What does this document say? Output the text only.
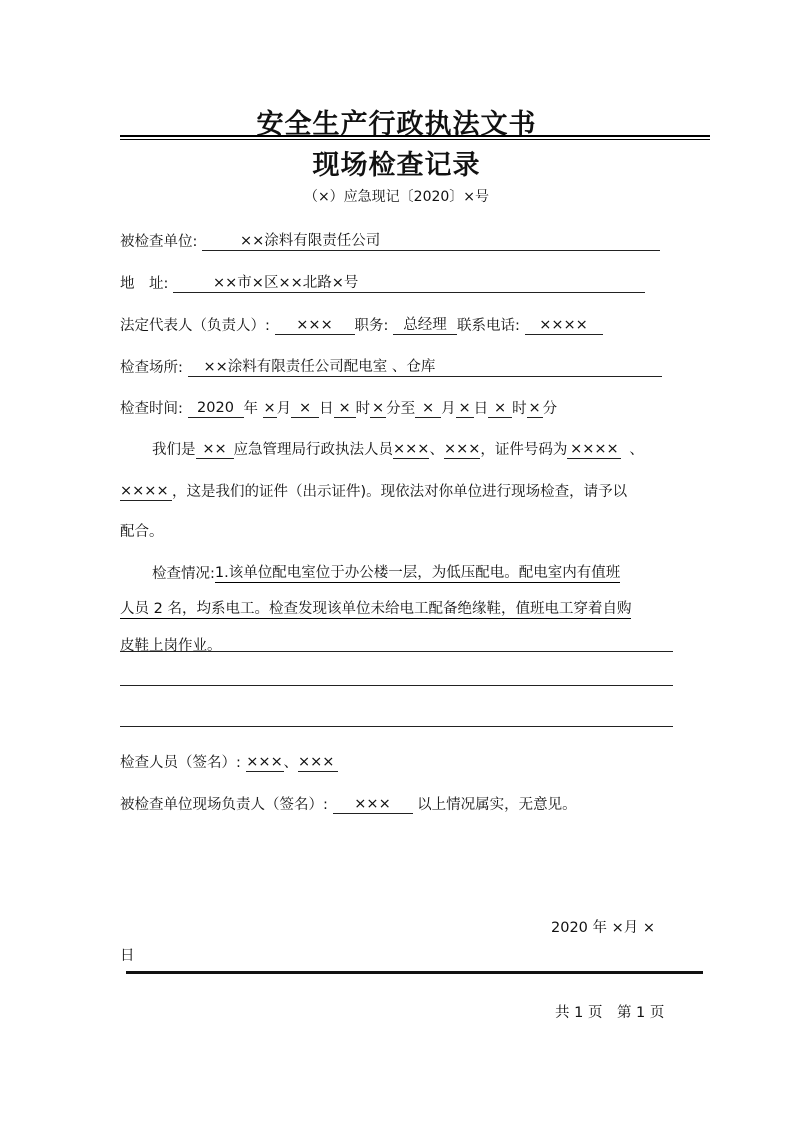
安全生产行政执法文书
现场检查记录
（×）应急现记〔2020〕×号
被检查单位:	××涂料有限责任公司
地　址:	××市×区××北路×号
法定代表人（负责人）: ××× 职务: 总经理 联系电话: ××××
检查场所: ××涂料有限责任公司配电室 、仓库
检查时间: 2020 年 ×月 × 日 × 时 × 分至 × 月 × 日 × 时 × 分
我们是 ×× 应急管理局行政执法人员×××、×××，证件号码为 ×××× 、
×××× ，这是我们的证件（出示证件)。现依法对你单位进行现场检查，请予以
配合。
检查情况:1.该单位配电室位于办公楼一层，为低压配电。配电室内有值班
人员 2 名，均系电工。检查发现该单位未给电工配备绝缘鞋，值班电工穿着自购
皮鞋上岗作业。
检查人员（签名）: ×××、×××
被检查单位现场负责人（签名）: ××× 以上情况属实，无意见。
2020 年 ×月 ×
日
共 1 页　第 1 页
